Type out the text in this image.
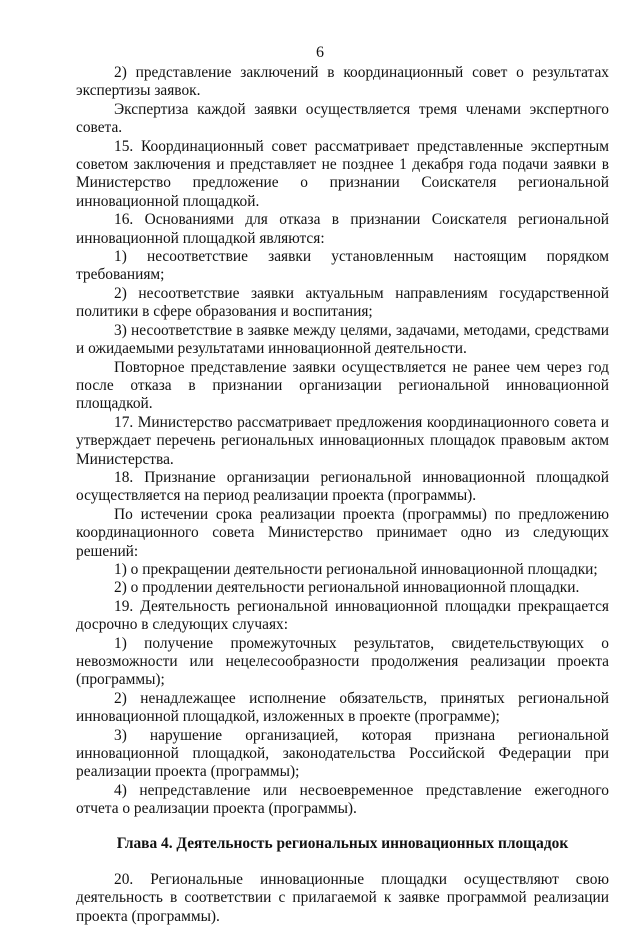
6

2) представление заключений в координационный совет о результатах экспертизы заявок.

Экспертиза каждой заявки осуществляется тремя членами экспертного совета.

15. Координационный совет рассматривает представленные экспертным советом заключения и представляет не позднее 1 декабря года подачи заявки в Министерство предложение о признании Соискателя региональной инновационной площадкой.

16. Основаниями для отказа в признании Соискателя региональной инновационной площадкой являются:

1) несоответствие заявки установленным настоящим порядком требованиям;

2) несоответствие заявки актуальным направлениям государственной политики в сфере образования и воспитания;

3) несоответствие в заявке между целями, задачами, методами, средствами и ожидаемыми результатами инновационной деятельности.

Повторное представление заявки осуществляется не ранее чем через год после отказа в признании организации региональной инновационной площадкой.

17. Министерство рассматривает предложения координационного совета и утверждает перечень региональных инновационных площадок правовым актом Министерства.

18. Признание организации региональной инновационной площадкой осуществляется на период реализации проекта (программы).

По истечении срока реализации проекта (программы) по предложению координационного совета Министерство принимает одно из следующих решений:

1) о прекращении деятельности региональной инновационной площадки;

2) о продлении деятельности региональной инновационной площадки.

19. Деятельность региональной инновационной площадки прекращается досрочно в следующих случаях:

1) получение промежуточных результатов, свидетельствующих о невозможности или нецелесообразности продолжения реализации проекта (программы);

2) ненадлежащее исполнение обязательств, принятых региональной инновационной площадкой, изложенных в проекте (программе);

3) нарушение организацией, которая признана региональной инновационной площадкой, законодательства Российской Федерации при реализации проекта (программы);

4) непредставление или несвоевременное представление ежегодного отчета о реализации проекта (программы).

Глава 4. Деятельность региональных инновационных площадок

20. Региональные инновационные площадки осуществляют свою деятельность в соответствии с прилагаемой к заявке программой реализации проекта (программы).
